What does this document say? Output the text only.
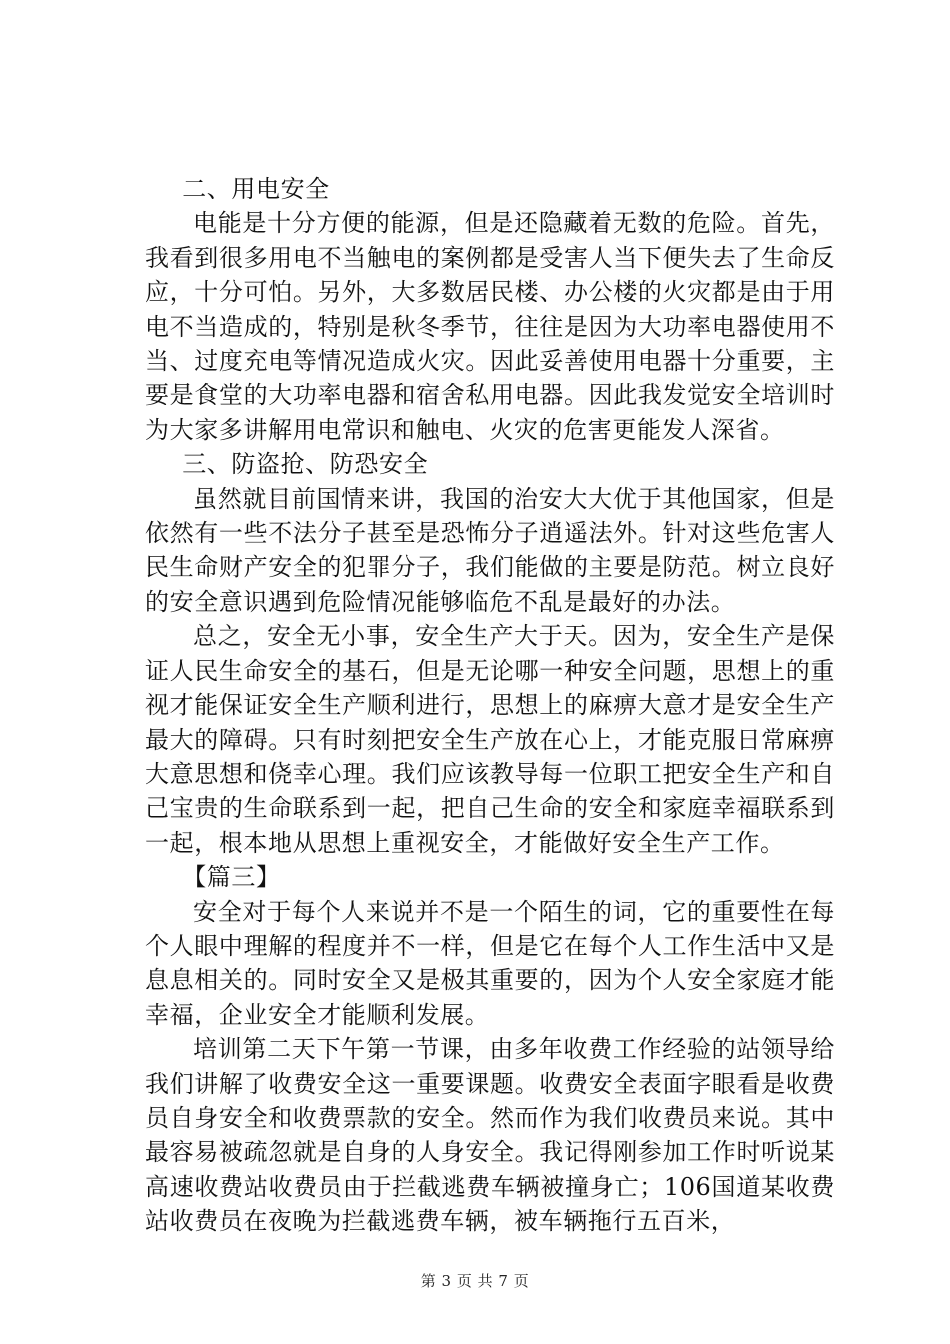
二、用电安全

电能是十分方便的能源，但是还隐藏着无数的危险。首先，我看到很多用电不当触电的案例都是受害人当下便失去了生命反应，十分可怕。另外，大多数居民楼、办公楼的火灾都是由于用电不当造成的，特别是秋冬季节，往往是因为大功率电器使用不当、过度充电等情况造成火灾。因此妥善使用电器十分重要，主要是食堂的大功率电器和宿舍私用电器。因此我发觉安全培训时为大家多讲解用电常识和触电、火灾的危害更能发人深省。

三、防盗抢、防恐安全

虽然就目前国情来讲，我国的治安大大优于其他国家，但是依然有一些不法分子甚至是恐怖分子逍遥法外。针对这些危害人民生命财产安全的犯罪分子，我们能做的主要是防范。树立良好的安全意识遇到危险情况能够临危不乱是最好的办法。

总之，安全无小事，安全生产大于天。因为，安全生产是保证人民生命安全的基石，但是无论哪一种安全问题，思想上的重视才能保证安全生产顺利进行，思想上的麻痹大意才是安全生产最大的障碍。只有时刻把安全生产放在心上，才能克服日常麻痹大意思想和侥幸心理。我们应该教导每一位职工把安全生产和自己宝贵的生命联系到一起，把自己生命的安全和家庭幸福联系到一起，根本地从思想上重视安全，才能做好安全生产工作。

【篇三】

安全对于每个人来说并不是一个陌生的词，它的重要性在每个人眼中理解的程度并不一样，但是它在每个人工作生活中又是息息相关的。同时安全又是极其重要的，因为个人安全家庭才能幸福，企业安全才能顺利发展。

培训第二天下午第一节课，由多年收费工作经验的站领导给我们讲解了收费安全这一重要课题。收费安全表面字眼看是收费员自身安全和收费票款的安全。然而作为我们收费员来说。其中最容易被疏忽就是自身的人身安全。我记得刚参加工作时听说某高速收费站收费员由于拦截逃费车辆被撞身亡；106国道某收费站收费员在夜晚为拦截逃费车辆，被车辆拖行五百米，

第 3 页 共 7 页
